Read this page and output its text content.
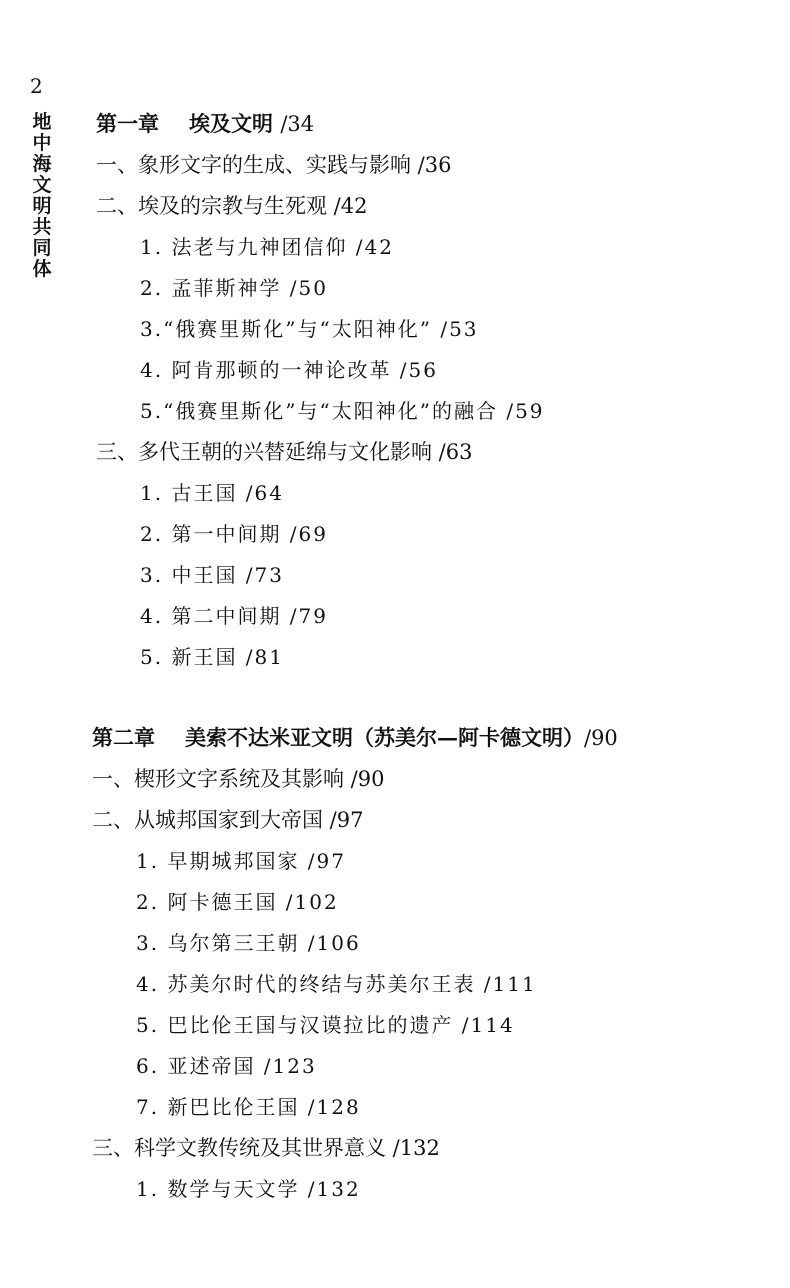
2
地中海文明共同体
第一章 埃及文明 /34
一、象形文字的生成、实践与影响 /36
二、埃及的宗教与生死观 /42
1. 法老与九神团信仰 /42
2. 孟菲斯神学 /50
3.“俄赛里斯化”与“太阳神化” /53
4. 阿肯那顿的一神论改革 /56
5.“俄赛里斯化”与“太阳神化”的融合 /59
三、多代王朝的兴替延绵与文化影响 /63
1. 古王国 /64
2. 第一中间期 /69
3. 中王国 /73
4. 第二中间期 /79
5. 新王国 /81
第二章 美索不达米亚文明（苏美尔—阿卡德文明）/90
一、楔形文字系统及其影响 /90
二、从城邦国家到大帝国 /97
1. 早期城邦国家 /97
2. 阿卡德王国 /102
3. 乌尔第三王朝 /106
4. 苏美尔时代的终结与苏美尔王表 /111
5. 巴比伦王国与汉谟拉比的遗产 /114
6. 亚述帝国 /123
7. 新巴比伦王国 /128
三、科学文教传统及其世界意义 /132
1. 数学与天文学 /132
